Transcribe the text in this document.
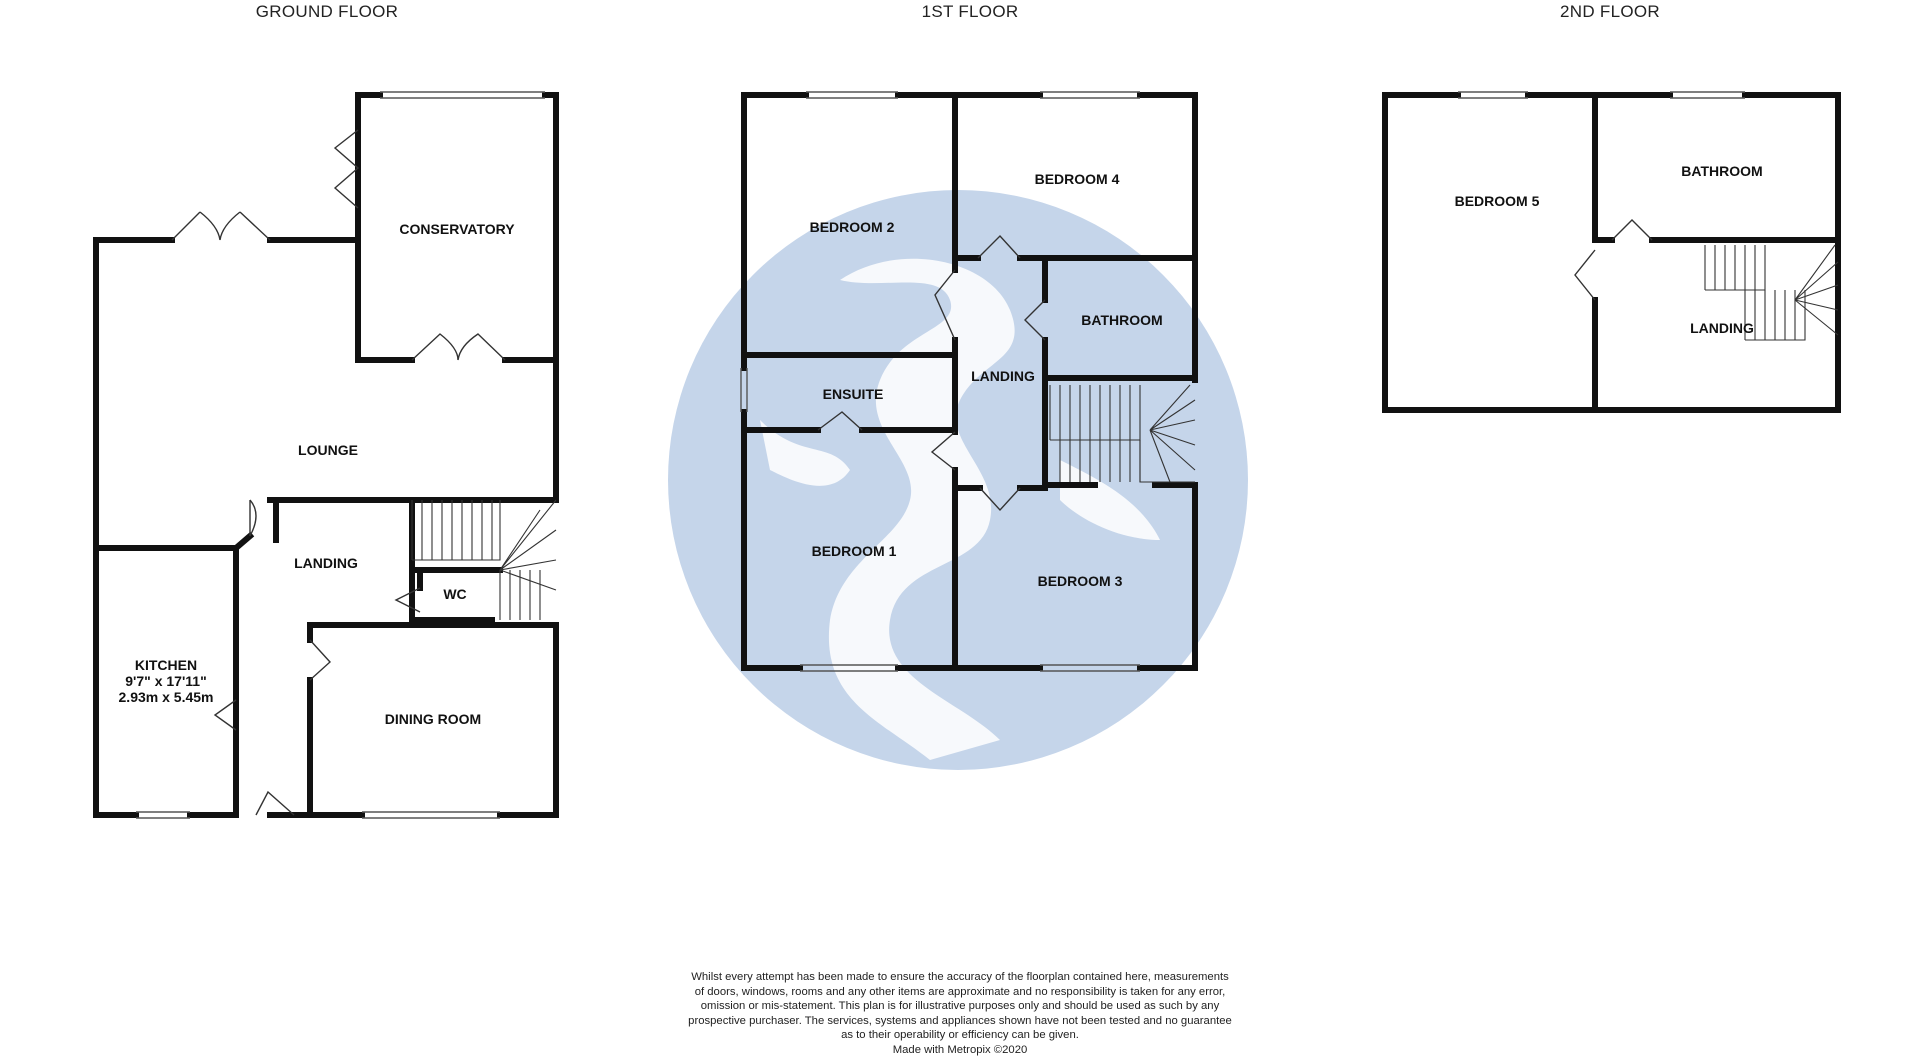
GROUND FLOOR	1ST FLOOR	2ND FLOOR
CONSERVATORY
LOUNGE
LANDING
WC
KITCHEN
9'7" x 17'11"
2.93m x 5.45m
DINING ROOM
BEDROOM 2
BEDROOM 4
BATHROOM
ENSUITE
LANDING
BEDROOM 1
BEDROOM 3
BEDROOM 5
BATHROOM
LANDING
Whilst every attempt has been made to ensure the accuracy of the floorplan contained here, measurements
of doors, windows, rooms and any other items are approximate and no responsibility is taken for any error,
omission or mis-statement. This plan is for illustrative purposes only and should be used as such by any
prospective purchaser. The services, systems and appliances shown have not been tested and no guarantee
as to their operability or efficiency can be given.
Made with Metropix ©2020
